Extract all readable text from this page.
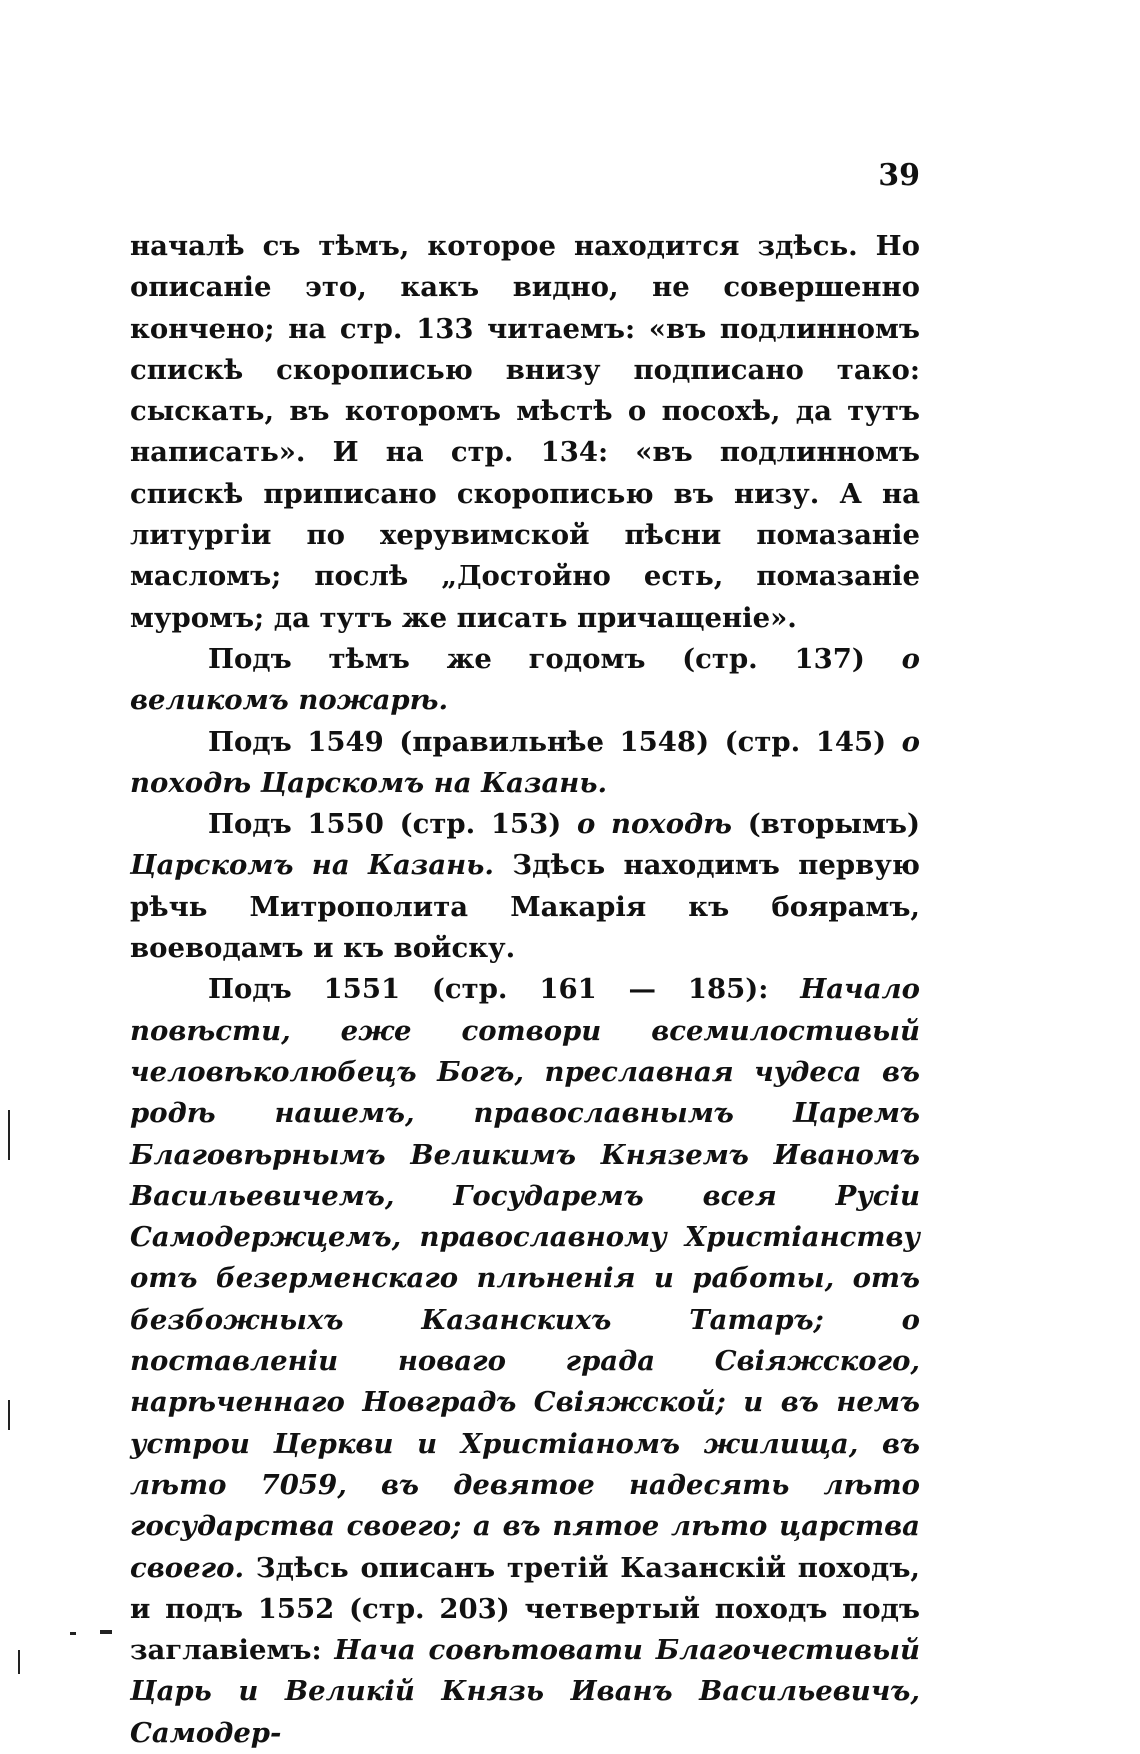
39

началѣ съ тѣмъ, которое находится здѣсь. Но описаніе это, какъ видно, не совершенно кончено; на стр. 133 читаемъ: «въ подлинномъ спискѣ скорописью внизу подписано тако: сыскать, въ которомъ мѣстѣ о посохѣ, да тутъ написать». И на стр. 134: «въ подлинномъ спискѣ приписано скорописью въ низу. А на литургіи по херувимской пѣсни помазаніе масломъ; послѣ „Достойно есть, помазаніе муромъ; да тутъ же писать причащеніе».

Подъ тѣмъ же годомъ (стр. 137) о великомъ пожарѣ.

Подъ 1549 (правильнѣе 1548) (стр. 145) о походѣ Царскомъ на Казань.

Подъ 1550 (стр. 153) о походѣ (вторымъ) Царскомъ на Казань. Здѣсь находимъ первую рѣчь Митрополита Макарія къ боярамъ, воеводамъ и къ войску.

Подъ 1551 (стр. 161 — 185): Начало повѣсти, еже сотвори всемилостивый человѣколюбецъ Богъ, преславная чудеса въ родѣ нашемъ, православнымъ Царемъ Благовѣрнымъ Великимъ Княземъ Иваномъ Васильевичемъ, Государемъ всея Русіи Самодержцемъ, православному Христіанству отъ безерменскаго плѣненія и работы, отъ безбожныхъ Казанскихъ Татаръ; о поставленіи новаго града Свіяжского, нарѣченнаго Новградъ Свіяжской; и въ немъ устрои Церкви и Христіаномъ жилища, въ лѣто 7059, въ девятое надесять лѣто государства своего; а въ пятое лѣто царства своего. Здѣсь описанъ третій Казанскій походъ, и подъ 1552 (стр. 203) четвертый походъ подъ заглавіемъ: Нача совѣтовати Благочестивый Царь и Великій Князь Иванъ Васильевичъ, Самодер-
